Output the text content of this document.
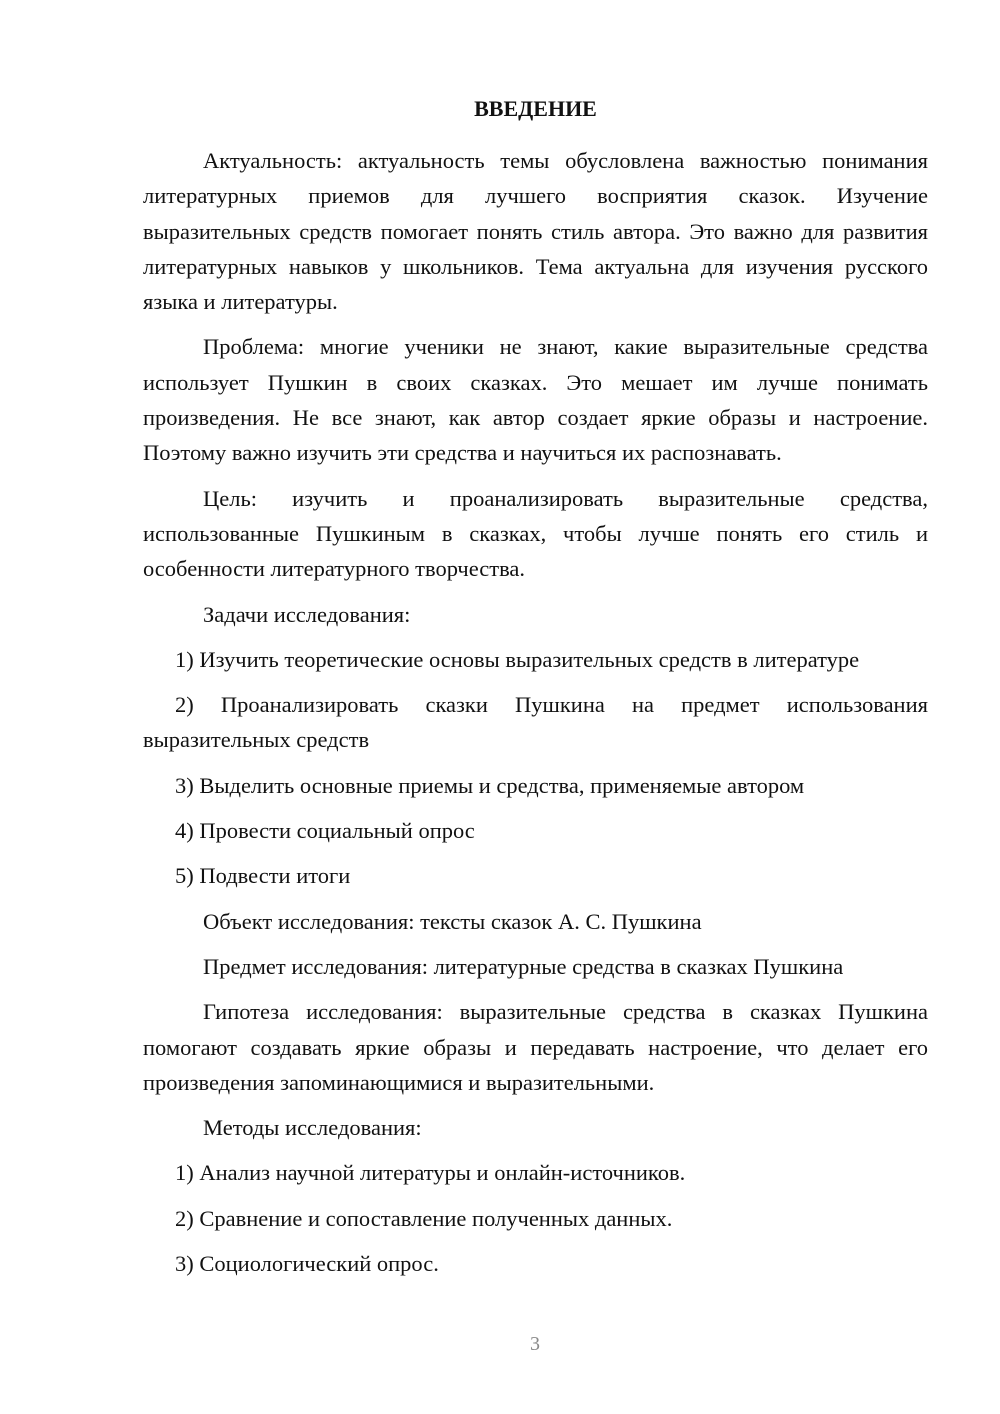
ВВЕДЕНИЕ

Актуальность: актуальность темы обусловлена важностью понимания литературных приемов для лучшего восприятия сказок. Изучение выразительных средств помогает понять стиль автора. Это важно для развития литературных навыков у школьников. Тема актуальна для изучения русского языка и литературы.

Проблема: многие ученики не знают, какие выразительные средства использует Пушкин в своих сказках. Это мешает им лучше понимать произведения. Не все знают, как автор создает яркие образы и настроение. Поэтому важно изучить эти средства и научиться их распознавать.

Цель: изучить и проанализировать выразительные средства, использованные Пушкиным в сказках, чтобы лучше понять его стиль и особенности литературного творчества.

Задачи исследования:

1) Изучить теоретические основы выразительных средств в литературе

2) Проанализировать сказки Пушкина на предмет использования выразительных средств

3) Выделить основные приемы и средства, применяемые автором

4) Провести социальный опрос

5) Подвести итоги

Объект исследования: тексты сказок А. С. Пушкина

Предмет исследования: литературные средства в сказках Пушкина

Гипотеза исследования: выразительные средства в сказках Пушкина помогают создавать яркие образы и передавать настроение, что делает его произведения запоминающимися и выразительными.

Методы исследования:

1) Анализ научной литературы и онлайн-источников.

2) Сравнение и сопоставление полученных данных.

3) Социологический опрос.

3
